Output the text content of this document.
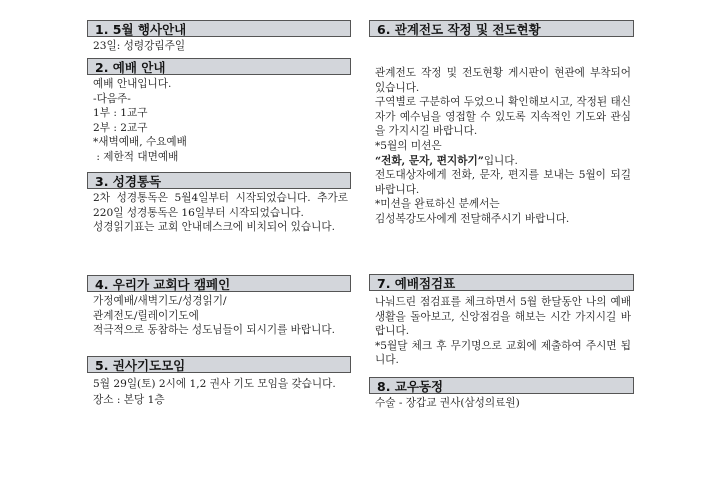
1. 5월 행사안내

23일: 성령강림주일

2. 예배 안내

예배 안내입니다.

-다음주-

1부 : 1교구

2부 : 2교구

*새벽예배, 수요예배

: 제한적 대면예배

3. 성경통독

2차 성경통독은 5월4일부터 시작되었습니다. 추가로 220일 성경통독은 16일부터 시작되었습니다.

성경읽기표는 교회 안내데스크에 비치되어 있습니다.

4. 우리가 교회다 캠페인

가정예배/새벽기도/성경읽기/

관계전도/릴레이기도에

적극적으로 동참하는 성도님들이 되시기를 바랍니다.

5. 권사기도모임

5월 29일(토) 2시에 1,2 권사 기도 모임을 갖습니다.

장소 : 본당 1층

6. 관계전도 작정 및 전도현황

관계전도 작정 및 전도현황 게시판이 현관에 부착되어 있습니다.

구역별로 구분하여 두었으니 확인해보시고, 작정된 태신자가 예수님을 영접할 수 있도록 지속적인 기도와 관심을 가지시길 바랍니다.

*5월의 미션은

“전화, 문자, 편지하기”입니다.

전도대상자에게 전화, 문자, 편지를 보내는 5월이 되길 바랍니다.

*미션을 완료하신 분께서는

김성복강도사에게 전달해주시기 바랍니다.

7. 예배점검표

나눠드린 점검표를 체크하면서 5월 한달동안 나의 예배생활을 돌아보고, 신앙점검을 해보는 시간 가지시길 바랍니다.

*5월달 체크 후 무기명으로 교회에 제출하여 주시면 됩니다.

8. 교우동정

수술 - 장갑교 권사(삼성의료원)
